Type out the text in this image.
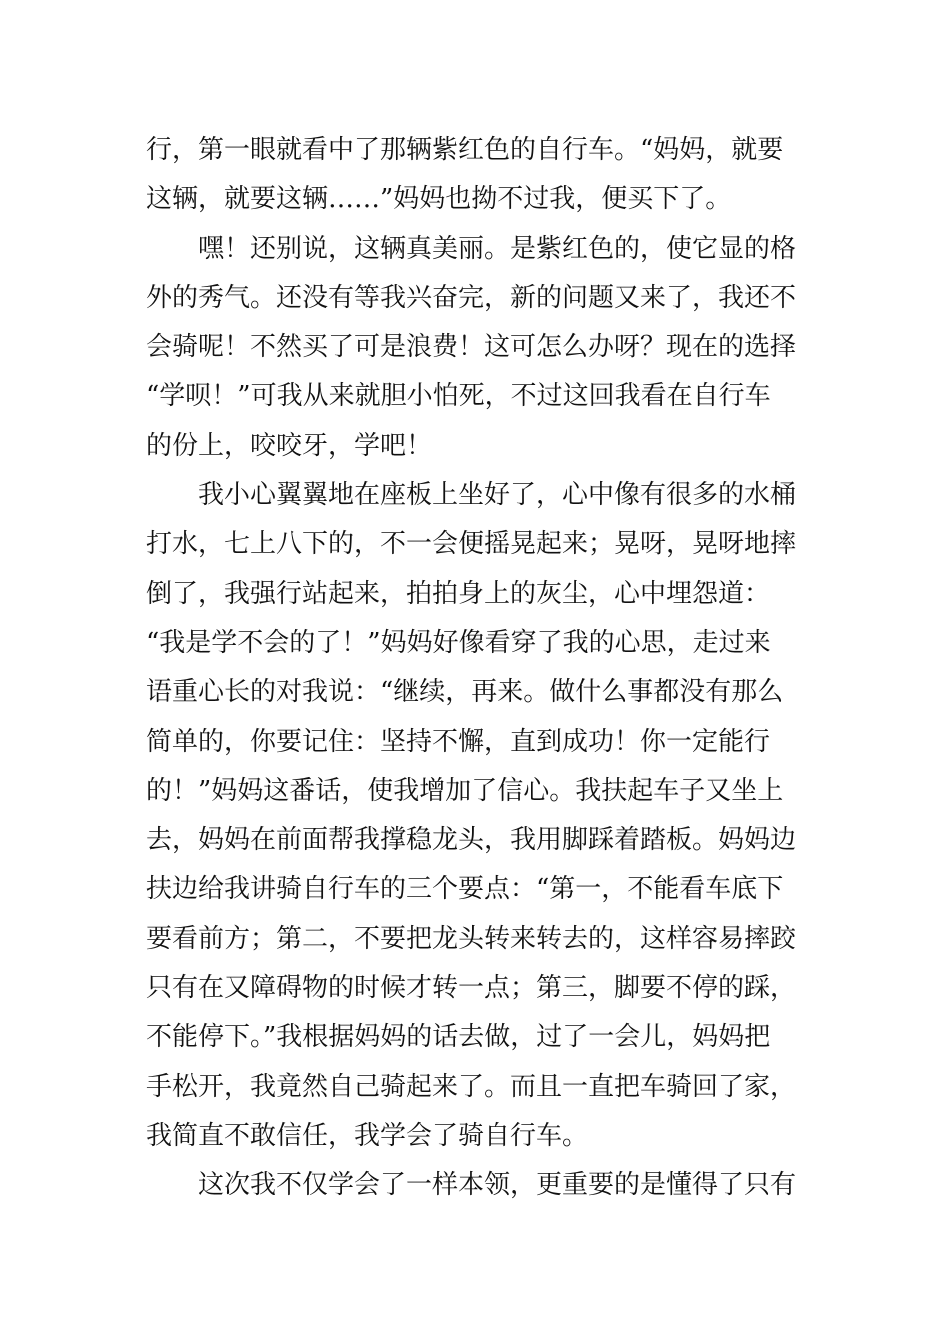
行，第一眼就看中了那辆紫红色的自行车。“妈妈，就要
这辆，就要这辆……”妈妈也拗不过我，便买下了。
　　嘿！还别说，这辆真美丽。是紫红色的，使它显的格
外的秀气。还没有等我兴奋完，新的问题又来了，我还不
会骑呢！不然买了可是浪费！这可怎么办呀？现在的选择
“学呗！”可我从来就胆小怕死，不过这回我看在自行车
的份上，咬咬牙，学吧！
　　我小心翼翼地在座板上坐好了，心中像有很多的水桶
打水，七上八下的，不一会便摇晃起来；晃呀，晃呀地摔
倒了，我强行站起来，拍拍身上的灰尘，心中埋怨道：
“我是学不会的了！”妈妈好像看穿了我的心思，走过来
语重心长的对我说：“继续，再来。做什么事都没有那么
简单的，你要记住：坚持不懈，直到成功！你一定能行
的！”妈妈这番话，使我增加了信心。我扶起车子又坐上
去，妈妈在前面帮我撑稳龙头，我用脚踩着踏板。妈妈边
扶边给我讲骑自行车的三个要点：“第一，不能看车底下
要看前方；第二，不要把龙头转来转去的，这样容易摔跤
只有在又障碍物的时候才转一点；第三，脚要不停的踩，
不能停下。”我根据妈妈的话去做，过了一会儿，妈妈把
手松开，我竟然自己骑起来了。而且一直把车骑回了家，
我简直不敢信任，我学会了骑自行车。
　　这次我不仅学会了一样本领，更重要的是懂得了只有
